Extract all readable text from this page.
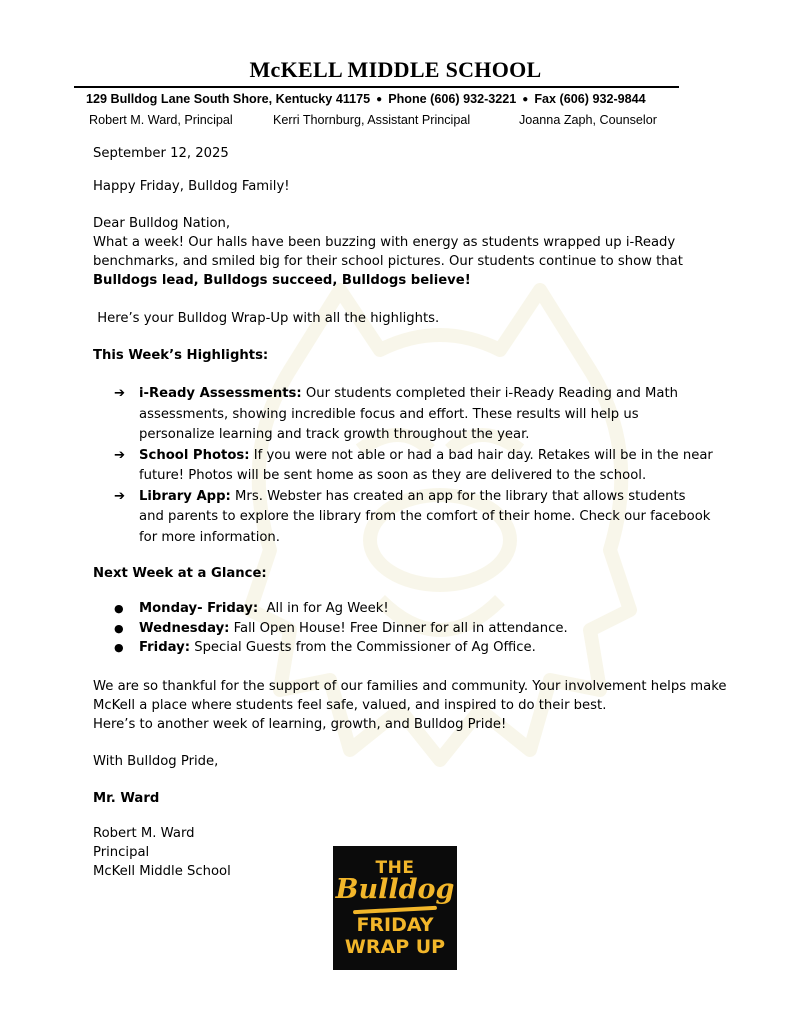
McKELL MIDDLE SCHOOL
129 Bulldog Lane South Shore, Kentucky 41175 ● Phone (606) 932-3221 ● Fax (606) 932-9844
Robert M. Ward, Principal	Kerri Thornburg, Assistant Principal	Joanna Zaph, Counselor
September 12, 2025
Happy Friday, Bulldog Family!
Dear Bulldog Nation,
What a week! Our halls have been buzzing with energy as students wrapped up i-Ready
benchmarks, and smiled big for their school pictures. Our students continue to show that
Bulldogs lead, Bulldogs succeed, Bulldogs believe!
Here’s your Bulldog Wrap-Up with all the highlights.
This Week’s Highlights:
➔ i-Ready Assessments: Our students completed their i-Ready Reading and Math assessments, showing incredible focus and effort. These results will help us personalize learning and track growth throughout the year.
➔ School Photos: If you were not able or had a bad hair day. Retakes will be in the near future! Photos will be sent home as soon as they are delivered to the school.
➔ Library App: Mrs. Webster has created an app for the library that allows students and parents to explore the library from the comfort of their home. Check our facebook for more information.
Next Week at a Glance:
● Monday- Friday:  All in for Ag Week!
● Wednesday: Fall Open House! Free Dinner for all in attendance.
● Friday: Special Guests from the Commissioner of Ag Office.
We are so thankful for the support of our families and community. Your involvement helps make
McKell a place where students feel safe, valued, and inspired to do their best.
Here’s to another week of learning, growth, and Bulldog Pride!
With Bulldog Pride,
Mr. Ward
Robert M. Ward
Principal
McKell Middle School	THE
Bulldog
FRIDAY
WRAP UP
